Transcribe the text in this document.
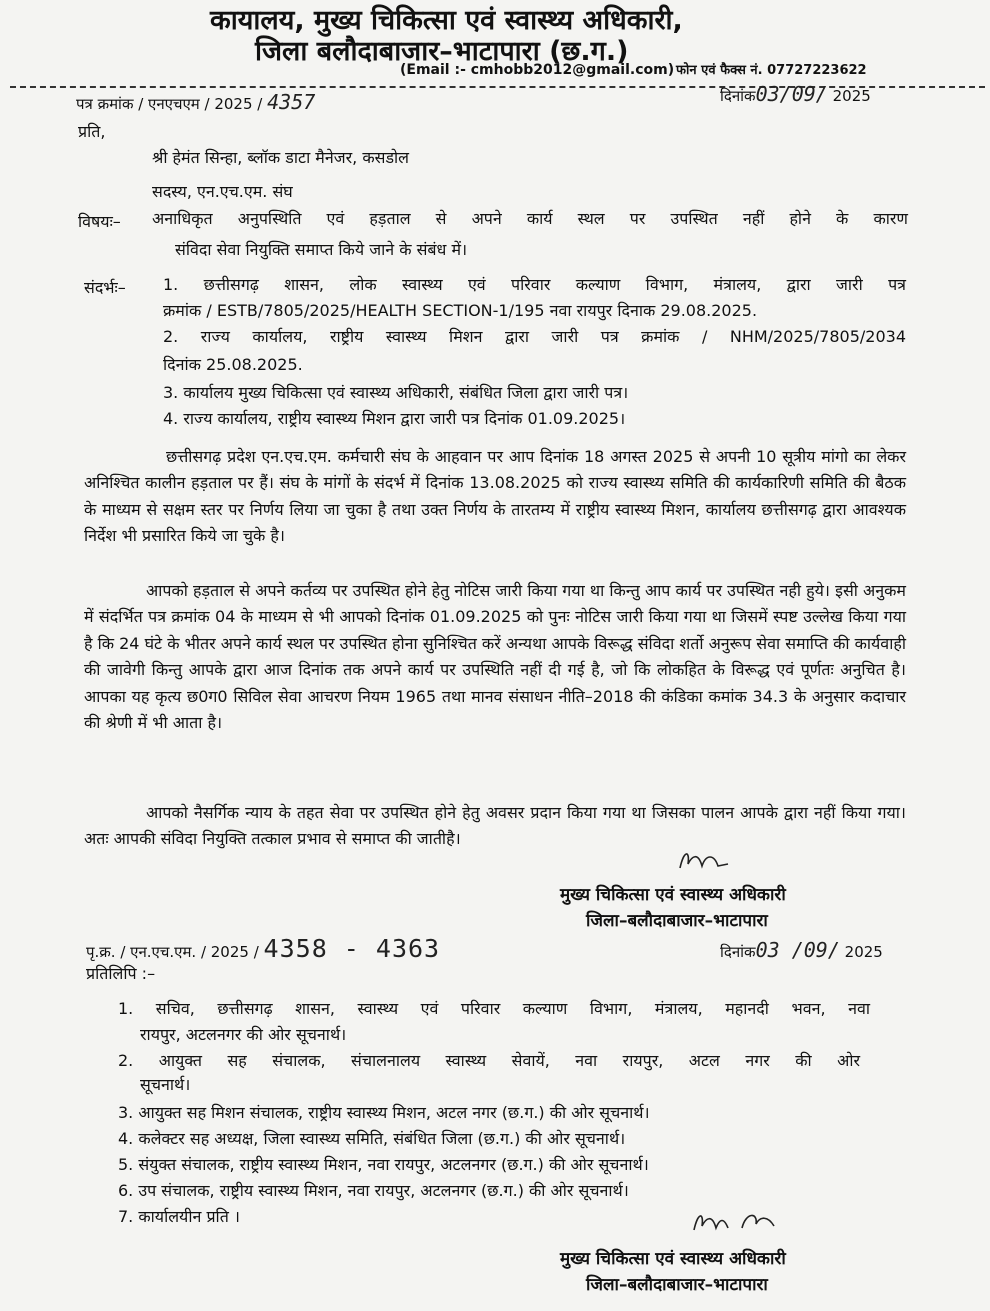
कायालय, मुख्य चिकित्सा एवं स्वास्थ्य अधिकारी,
जिला बलौदाबाजार–भाटापारा (छ.ग.)
(Email :- cmhobb2012@gmail.com) फोन एवं फैक्स नं. 07727223622
पत्र क्रमांक / एनएचएम / 2025 / 4357	दिनांक03/09/ 2025
प्रति,
श्री हेमंत सिन्हा, ब्लॉक डाटा मैनेजर, कसडोल
सदस्य, एन.एच.एम. संघ
विषयः– अनाधिकृत अनुपस्थिति एवं हड़ताल से अपने कार्य स्थल पर उपस्थित नहीं होने के कारण
संविदा सेवा नियुक्ति समाप्त किये जाने के संबंध में।
संदर्भः– 1. छत्तीसगढ़ शासन, लोक स्वास्थ्य एवं परिवार कल्याण विभाग, मंत्रालय, द्वारा जारी पत्र
क्रमांक / ESTB/7805/2025/HEALTH SECTION-1/195 नवा रायपुर दिनाक 29.08.2025.
2. राज्य कार्यालय, राष्ट्रीय स्वास्थ्य मिशन द्वारा जारी पत्र क्रमांक / NHM/2025/7805/2034
दिनांक 25.08.2025.
3. कार्यालय मुख्य चिकित्सा एवं स्वास्थ्य अधिकारी, संबंधित जिला द्वारा जारी पत्र।
4. राज्य कार्यालय, राष्ट्रीय स्वास्थ्य मिशन द्वारा जारी पत्र दिनांक 01.09.2025।
छत्तीसगढ़ प्रदेश एन.एच.एम. कर्मचारी संघ के आहवान पर आप दिनांक 18 अगस्त 2025 से अपनी 10 सूत्रीय मांगो का लेकर अनिश्चित कालीन हड़ताल पर हैं। संघ के मांगों के संदर्भ में दिनांक 13.08.2025 को राज्य स्वास्थ्य समिति की कार्यकारिणी समिति की बैठक के माध्यम से सक्षम स्तर पर निर्णय लिया जा चुका है तथा उक्त निर्णय के तारतम्य में राष्ट्रीय स्वास्थ्य मिशन, कार्यालय छत्तीसगढ़ द्वारा आवश्यक निर्देश भी प्रसारित किये जा चुके है।
आपको हड़ताल से अपने कर्तव्य पर उपस्थित होने हेतु नोटिस जारी किया गया था किन्तु आप कार्य पर उपस्थित नही हुये। इसी अनुकम में संदर्भित पत्र क्रमांक 04 के माध्यम से भी आपको दिनांक 01.09.2025 को पुनः नोटिस जारी किया गया था जिसमें स्पष्ट उल्लेख किया गया है कि 24 घंटे के भीतर अपने कार्य स्थल पर उपस्थित होना सुनिश्चित करें अन्यथा आपके विरूद्ध संविदा शर्तो अनुरूप सेवा समाप्ति की कार्यवाही की जावेगी किन्तु आपके द्वारा आज दिनांक तक अपने कार्य पर उपस्थिति नहीं दी गई है, जो कि लोकहित के विरूद्ध एवं पूर्णतः अनुचित है। आपका यह कृत्य छ0ग0 सिविल सेवा आचरण नियम 1965 तथा मानव संसाधन नीति–2018 की कंडिका कमांक 34.3 के अनुसार कदाचार की श्रेणी में भी आता है।
आपको नैसर्गिक न्याय के तहत सेवा पर उपस्थित होने हेतु अवसर प्रदान किया गया था जिसका पालन आपके द्वारा नहीं किया गया। अतः आपकी संविदा नियुक्ति तत्काल प्रभाव से समाप्त की जातीहै।	RM
मुख्य चिकित्सा एवं स्वास्थ्य अधिकारी
जिला–बलौदाबाजार–भाटापारा
पृ.क्र. / एन.एच.एम. / 2025 / 4358 - 4363	दिनांक03 /09/ 2025
प्रतिलिपि :–
1. सचिव, छत्तीसगढ़ शासन, स्वास्थ्य एवं परिवार कल्याण विभाग, मंत्रालय, महानदी भवन, नवा
रायपुर, अटलनगर की ओर सूचनार्थ।
2. आयुक्त सह संचालक, संचालनालय स्वास्थ्य सेवायें, नवा रायपुर, अटल नगर की ओर
सूचनार्थ।
3. आयुक्त सह मिशन संचालक, राष्ट्रीय स्वास्थ्य मिशन, अटल नगर (छ.ग.) की ओर सूचनार्थ।
4. कलेक्टर सह अध्यक्ष, जिला स्वास्थ्य समिति, संबंधित जिला (छ.ग.) की ओर सूचनार्थ।
5. संयुक्त संचालक, राष्ट्रीय स्वास्थ्य मिशन, नवा रायपुर, अटलनगर (छ.ग.) की ओर सूचनार्थ।
6. उप संचालक, राष्ट्रीय स्वास्थ्य मिशन, नवा रायपुर, अटलनगर (छ.ग.) की ओर सूचनार्थ।
7. कार्यालयीन प्रति ।
RM
मुख्य चिकित्सा एवं स्वास्थ्य अधिकारी
जिला–बलौदाबाजार–भाटापारा
